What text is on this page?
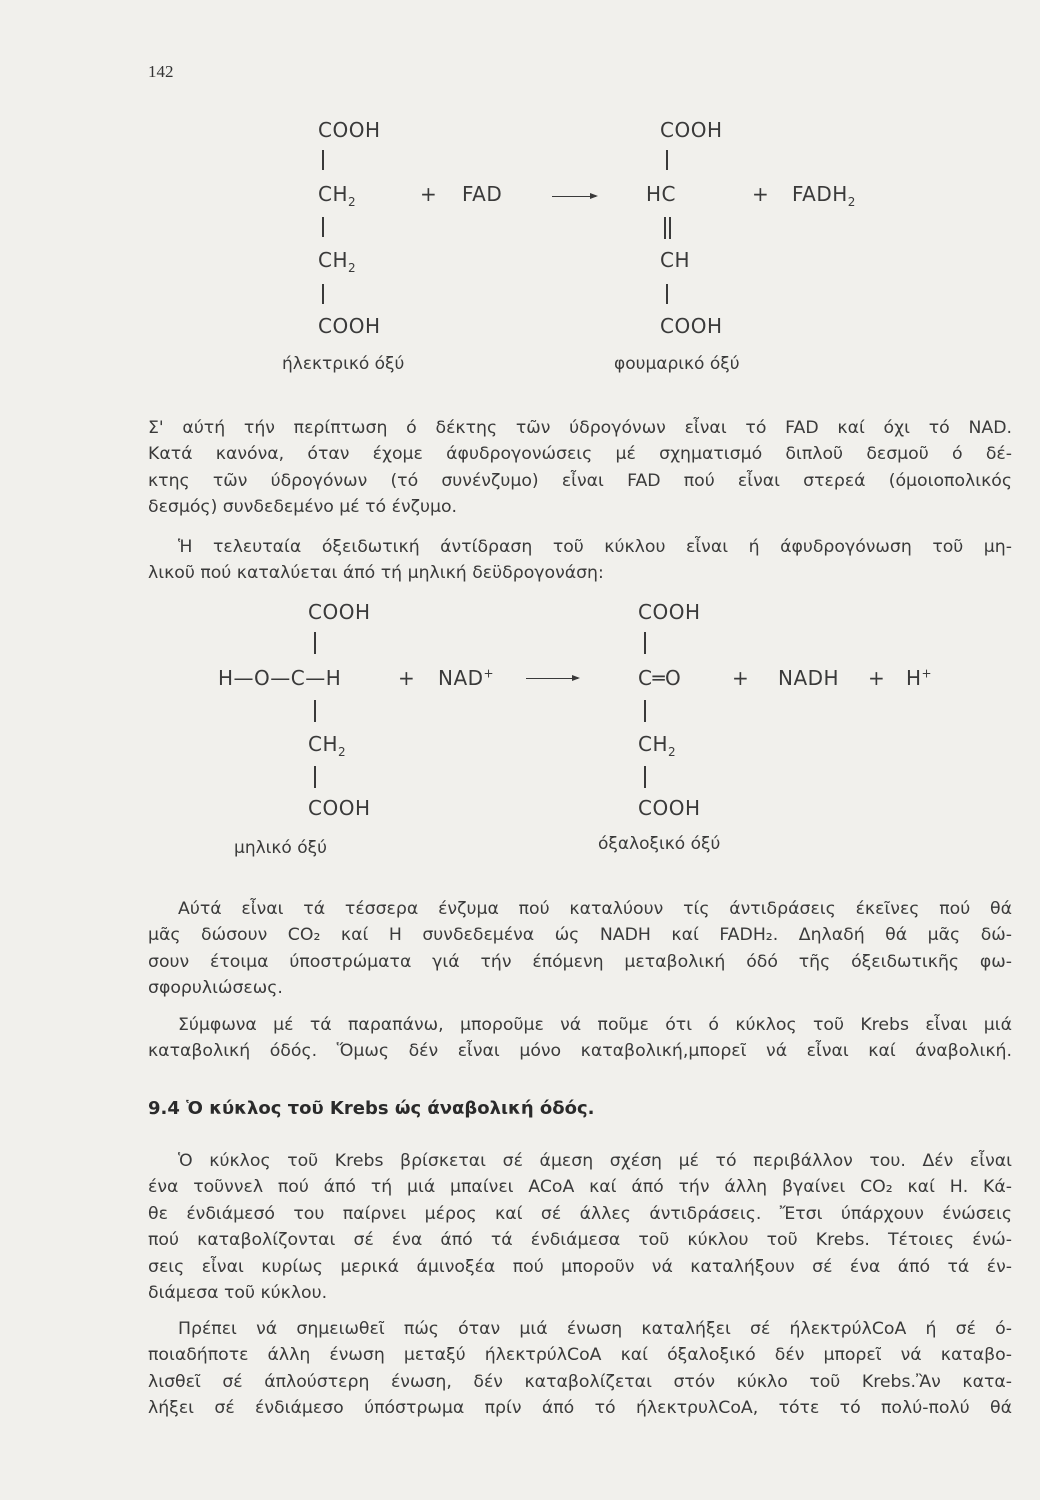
142
COOH
$CH_2$
$CH_2$
COOH
+ FAD
COOH
HC
CH
COOH
+ $FADH_2$
ήλεκτρικό όξύ	φουμαρικό όξύ
Σ' αύτή τήν περίπτωση ό δέκτης τῶν ύδρογόνων εἶναι τό FAD καί όχι τό NAD.
Κατά κανόνα, όταν έχομε άφυδρογονώσεις μέ σχηματισμό διπλοῦ δεσμοῦ ό δέ-
κτης τῶν ύδρογόνων (τό συνένζυμο) εἶναι FAD πού εἶναι στερεά (όμοιοπολικός
δεσμός) συνδεδεμένο μέ τό ένζυμο.
Ἡ τελευταία όξειδωτική άντίδραση τοῦ κύκλου εἶναι ή άφυδρογόνωση τοῦ μη-
λικοῦ πού καταλύεται άπό τή μηλική δεϋδρογονάση:
COOH
H—O—C—H
$CH_2$
COOH
+ NAD+
COOH
C═O
$CH_2$
COOH
+ NADH + H+
μηλικό όξύ	όξαλοξικό όξύ
Αύτά εἶναι τά τέσσερα ένζυμα πού καταλύουν τίς άντιδράσεις έκεῖνες πού θά
μᾶς δώσουν CO₂ καί Η συνδεδεμένα ώς NADH καί FADH₂. Δηλαδή θά μᾶς δώ-
σουν έτοιμα ύποστρώματα γιά τήν έπόμενη μεταβολική όδό τῆς όξειδωτικῆς φω-
σφορυλιώσεως.
Σύμφωνα μέ τά παραπάνω, μποροῦμε νά ποῦμε ότι ό κύκλος τοῦ Krebs εἶναι μιά
καταβολική όδός. Ὅμως δέν εἶναι μόνο καταβολική,μπορεῖ νά εἶναι καί άναβολική.
9.4 Ὁ κύκλος τοῦ Krebs ώς άναβολική όδός.
Ὁ κύκλος τοῦ Krebs βρίσκεται σέ άμεση σχέση μέ τό περιβάλλον του. Δέν εἶναι
ένα τοῦννελ πού άπό τή μιά μπαίνει ACoA καί άπό τήν άλλη βγαίνει CO₂ καί Η. Κά-
θε ένδιάμεσό του παίρνει μέρος καί σέ άλλες άντιδράσεις. Ἔτσι ύπάρχουν ένώσεις
πού καταβολίζονται σέ ένα άπό τά ένδιάμεσα τοῦ κύκλου τοῦ Krebs. Τέτοιες ένώ-
σεις εἶναι κυρίως μερικά άμινοξέα πού μποροῦν νά καταλήξουν σέ ένα άπό τά έν-
διάμεσα τοῦ κύκλου.
Πρέπει νά σημειωθεῖ πώς όταν μιά ένωση καταλήξει σέ ήλεκτρύλCoA ή σέ ό-
ποιαδήποτε άλλη ένωση μεταξύ ήλεκτρύλCoA καί όξαλοξικό δέν μπορεῖ νά καταβο-
λισθεῖ σέ άπλούστερη ένωση, δέν καταβολίζεται στόν κύκλο τοῦ Krebs.Ἂν κατα-
λήξει σέ ένδιάμεσο ύπόστρωμα πρίν άπό τό ήλεκτρυλCoA, τότε τό πολύ-πολύ θά
